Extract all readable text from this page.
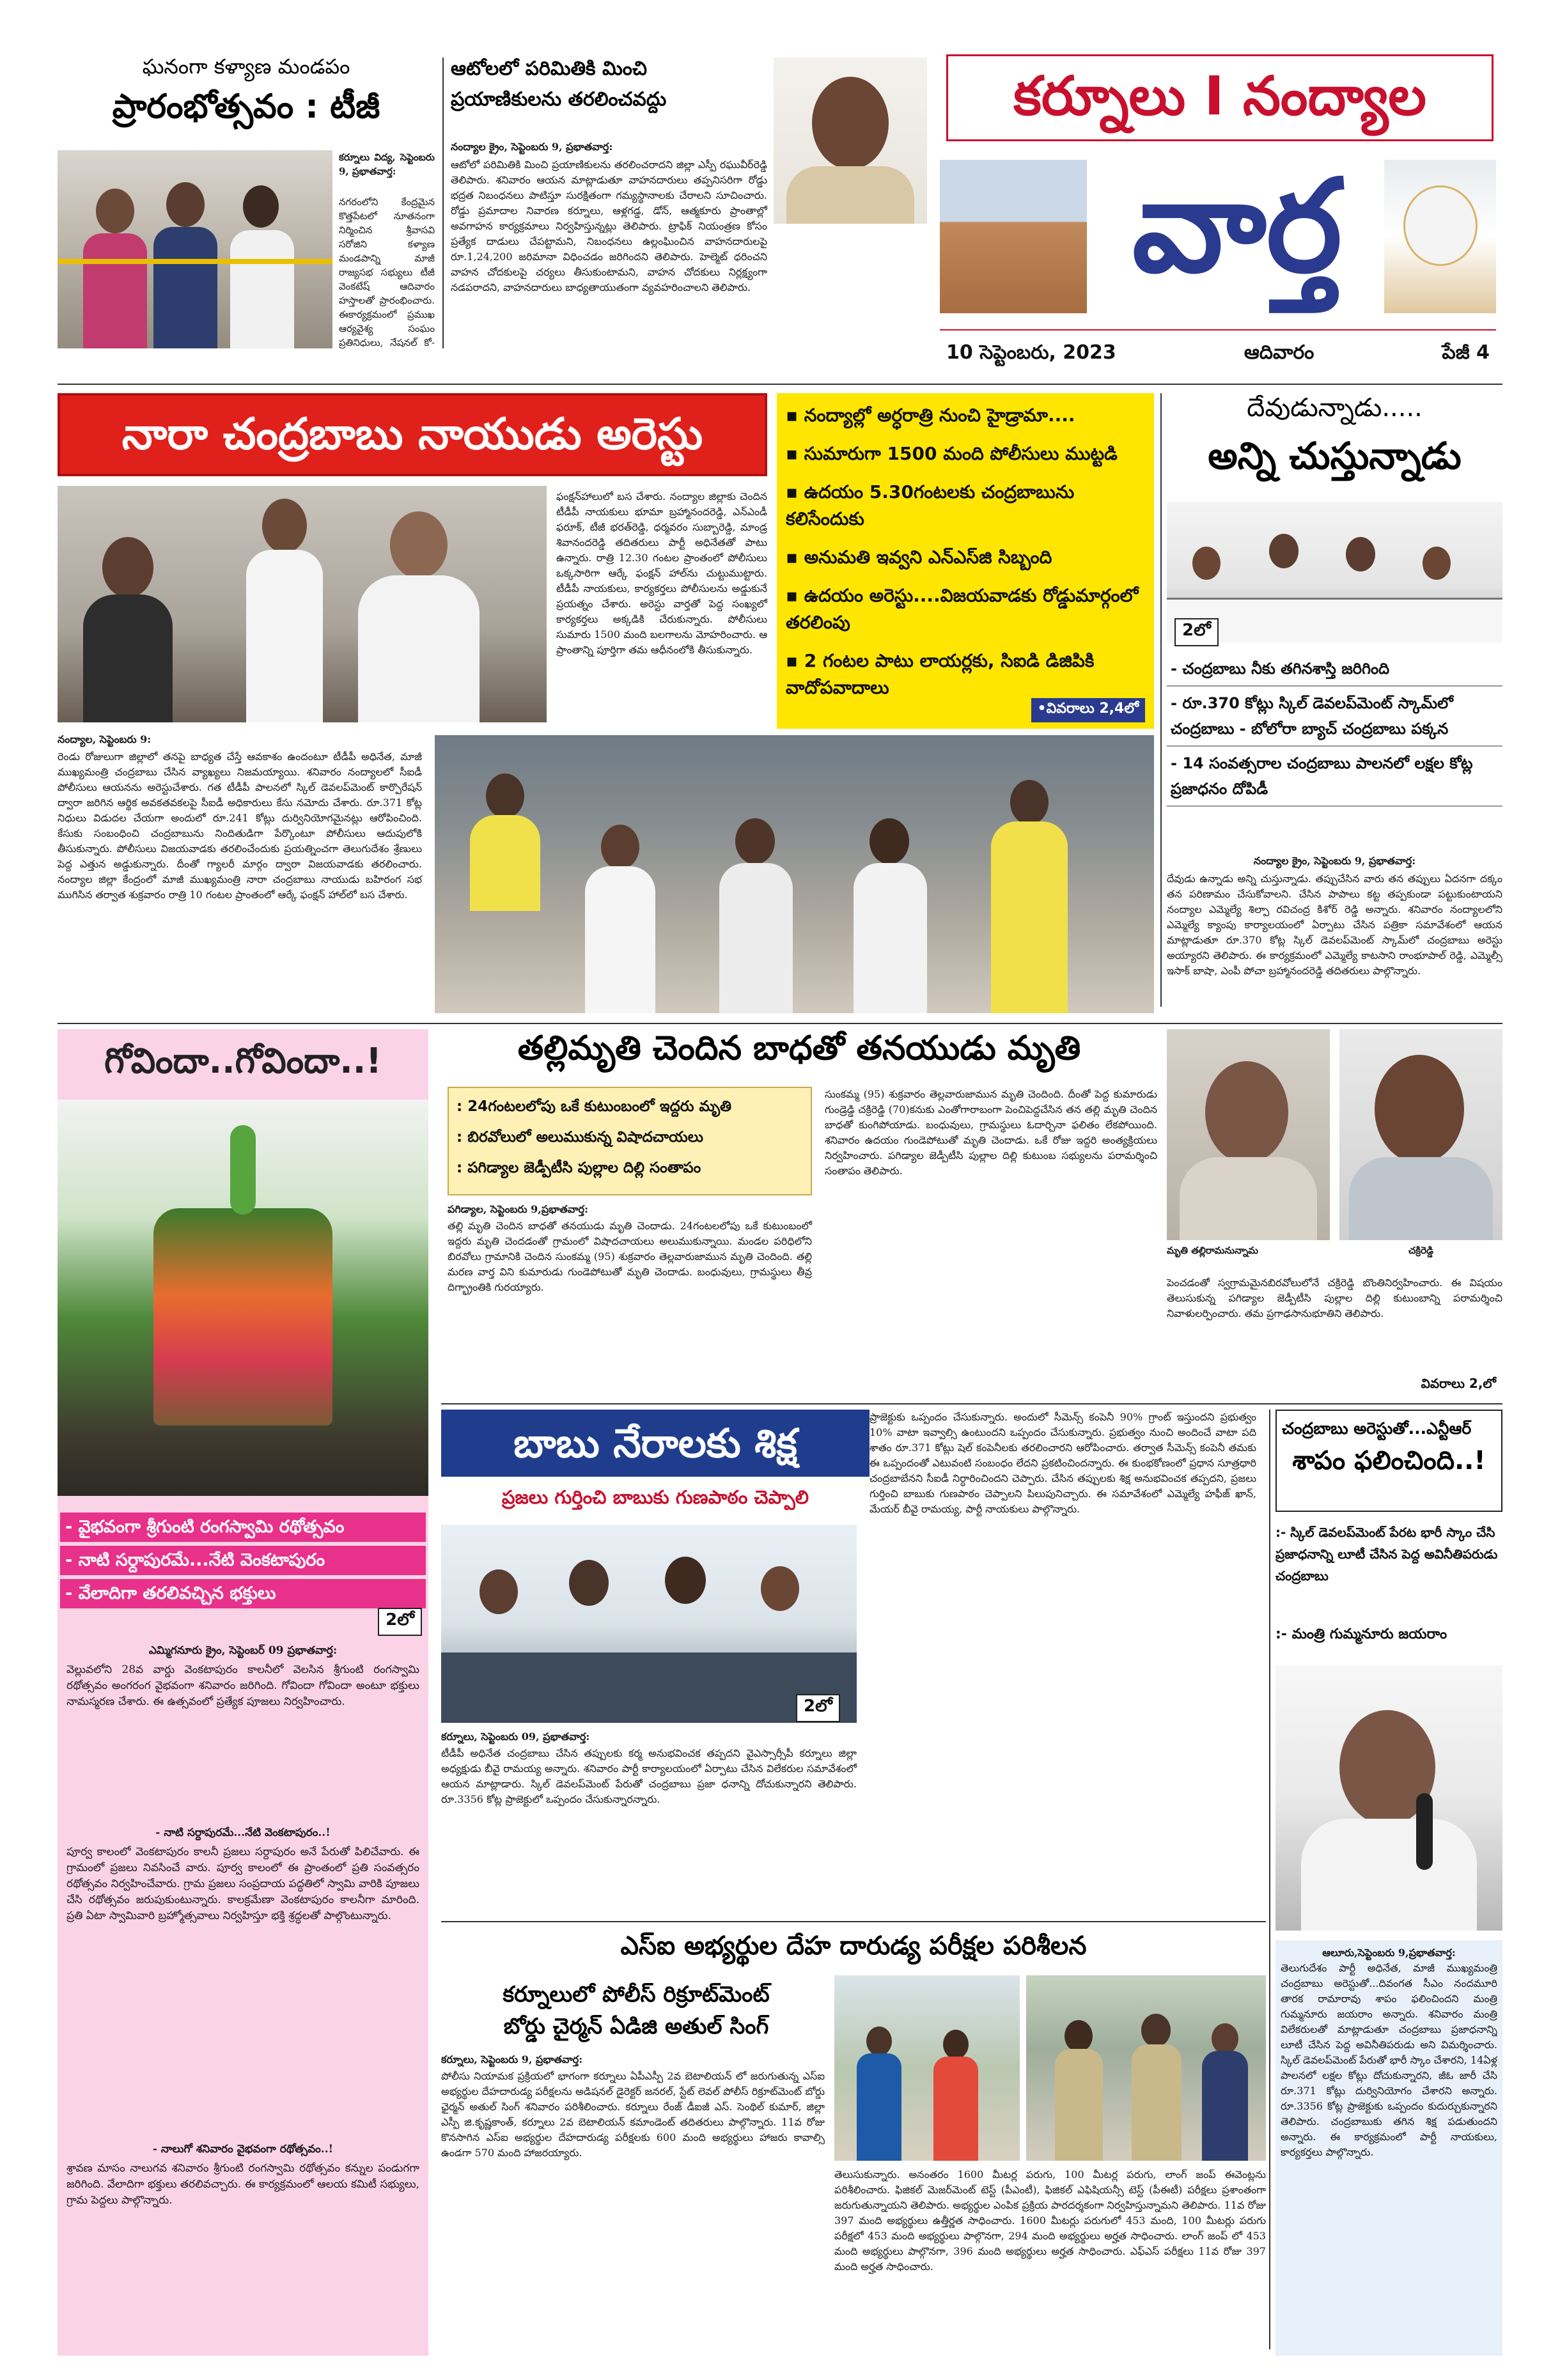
ఘనంగా కళ్యాణ మండపం

ప్రారంభోత్సవం : టీజీ

కర్నూలు విద్య, సెప్టెంబరు 9, ప్రభాతవార్త:

నగరంలోని కేంద్రమైన కొత్తపేటలో నూతనంగా నిర్మించిన శ్రీవాసవి సరోజిని కళ్యాణ మండపాన్ని మాజీ రాజ్యసభ సభ్యులు టీజీ వెంకటేష్ ఆదివారం హస్తాలతో ప్రారంభించారు. ఈకార్యక్రమంలో ప్రముఖ ఆర్యవైశ్య సంఘం ప్రతినిధులు, నేషనల్ కో-

ఆటోలలో పరిమితికి మించి

ప్రయాణికులను తరలించవద్దు

నంద్యాల క్రైం, సెప్టెంబరు 9, ప్రభాతవార్త:

ఆటోలో పరిమితికి మించి ప్రయాణికులను తరలించరాదని జిల్లా ఎస్పీ రఘువీర్‌రెడ్డి తెలిపారు. శనివారం ఆయన మాట్లాడుతూ వాహనదారులు తప్పనిసరిగా రోడ్డు భద్రత నిబంధనలు పాటిస్తూ సురక్షితంగా గమ్యస్థానాలకు చేరాలని సూచించారు. రోడ్డు ప్రమాదాల నివారణ కర్నూలు, ఆళ్లగడ్డ, డోన్, ఆత్మకూరు ప్రాంతాల్లో అవగాహన కార్యక్రమాలు నిర్వహిస్తున్నట్లు తెలిపారు. ట్రాఫిక్ నియంత్రణ కోసం ప్రత్యేక దాడులు చేపట్టామని, నిబంధనలు ఉల్లంఘించిన వాహనదారులపై రూ.1,24,200 జరిమానా విధించడం జరిగిందని తెలిపారు. హెల్మెట్ ధరించని వాహన చోదకులపై చర్యలు తీసుకుంటామని, వాహన చోదకులు నిర్లక్ష్యంగా నడపరాదని, వాహనదారులు బాధ్యతాయుతంగా వ్యవహరించాలని తెలిపారు.

కర్నూలు I నంద్యాల
వార్త
10 సెప్టెంబరు, 2023	ఆదివారం	పేజీ 4

నారా చంద్రబాబు నాయుడు అరెస్టు

ఫంక్షన్‌హాలులో బస చేశారు. నంద్యాల జిల్లాకు చెందిన టీడీపీ నాయకులు భూమా బ్రహ్మానందరెడ్డి, ఎన్‌ఎండీ ఫరూక్, టీజీ భరత్‌రెడ్డి, ధర్మవరం సుబ్బారెడ్డి, మాండ్ర శివానందరెడ్డి తదితరులు పార్టీ అధినేతతో పాటు ఉన్నారు. రాత్రి 12.30 గంటల ప్రాంతంలో పోలీసులు ఒక్కసారిగా ఆర్కే ఫంక్షన్ హాల్‌ను చుట్టుముట్టారు. టీడీపీ నాయకులు, కార్యకర్తలు పోలీసులను అడ్డుకునే ప్రయత్నం చేశారు. అరెస్టు వార్తతో పెద్ద సంఖ్యలో కార్యకర్తలు అక్కడికి చేరుకున్నారు. పోలీసులు సుమారు 1500 మంది బలగాలను మోహరించారు. ఆ ప్రాంతాన్ని పూర్తిగా తమ ఆధీనంలోకి తీసుకున్నారు.

▪ నంద్యాల్లో అర్ధరాత్రి నుంచి హైడ్రామా....
▪ సుమారుగా 1500 మంది పోలీసులు ముట్టడి
▪ ఉదయం 5.30గంటలకు చంద్రబాబును కలిసేందుకు
▪ అనుమతి ఇవ్వని ఎన్ఎస్‌జి సిబ్బంది
▪ ఉదయం అరెస్టు....విజయవాడకు రోడ్డుమార్గంలో తరలింపు
▪ 2 గంటల పాటు లాయర్లకు, సిఐడి డిజిపికి వాదోపవాదాలు
•వివరాలు 2,4లో

నంద్యాల, సెప్టెంబరు 9:

రెండు రోజులుగా జిల్లాలో తనపై బాధ్యత చేస్తే ఆవకాశం ఉందంటూ టీడీపీ అధినేత, మాజీ ముఖ్యమంత్రి చంద్రబాబు చేసిన వ్యాఖ్యలు నిజమయ్యాయి. శనివారం నంద్యాలలో సీఐడీ పోలీసులు ఆయనను అరెస్టుచేశారు. గత టీడీపీ పాలనలో స్కిల్ డెవలప్‌మెంట్ కార్పొరేషన్ ద్వారా జరిగిన ఆర్థిక అవకతవకలపై సీఐడీ అధికారులు కేసు నమోదు చేశారు. రూ.371 కోట్ల నిధులు విడుదల చేయగా అందులో రూ.241 కోట్లు దుర్వినియోగమైనట్లు ఆరోపించింది. కేసుకు సంబంధించి చంద్రబాబును నిందితుడిగా పేర్కొంటూ పోలీసులు ఆదుపులోకి తీసుకున్నారు. పోలీసులు విజయవాడకు తరలించేందుకు ప్రయత్నించగా తెలుగుదేశం శ్రేణులు పెద్ద ఎత్తున అడ్డుకున్నారు. దీంతో గ్యాలరీ మార్గం ద్వారా విజయవాడకు తరలించారు. నంద్యాల జిల్లా కేంద్రంలో మాజీ ముఖ్యమంత్రి నారా చంద్రబాబు నాయుడు బహిరంగ సభ ముగిసిన తర్వాత శుక్రవారం రాత్రి 10 గంటల ప్రాంతంలో ఆర్కే ఫంక్షన్ హాల్‌లో బస చేశారు.

దేవుడున్నాడు.....

అన్ని చుస్తున్నాడు

2లో
- చంద్రబాబు నీకు తగినశాస్తి జరిగింది
- రూ.370 కోట్లు స్కిల్ డెవలప్‌మెంట్ స్కామ్‌లో చంద్రబాబు - బోలోరా బ్యాచ్ చంద్రబాబు పక్కన
- 14 సంవత్సరాల చంద్రబాబు పాలనలో లక్షల కోట్ల ప్రజాధనం దోపిడీ

నంద్యాల క్రైం, సెప్టెంబరు 9, ప్రభాతవార్త:

దేవుడు ఉన్నాడు అన్ని చుస్తున్నాడు. తప్పుచేసిన వారు తన తప్పులు ఏదనగా దక్కం తన పరిణామం చేసుకోవాలని. చేసిన పాపాలు కట్ట తప్పకుండా పట్టుకుంటాయని నంద్యాల ఎమ్మెల్యే శిల్పా రవిచంద్ర కిశోర్ రెడ్డి అన్నారు. శనివారం నంద్యాలలోని ఎమ్మెల్యే క్యాంపు కార్యాలయంలో ఏర్పాటు చేసిన పత్రికా సమావేశంలో ఆయన మాట్లాడుతూ రూ.370 కోట్ల స్కిల్ డెవలప్‌మెంట్ స్కామ్‌లో చంద్రబాబు అరెస్టు అయ్యారని తెలిపారు. ఈ కార్యక్రమంలో ఎమ్మెల్యే కాటసాని రాంభూపాల్ రెడ్డి, ఎమ్మెల్సీ ఇసాక్ బాషా, ఎంపీ పోచా బ్రహ్మానందరెడ్డి తదితరులు పాల్గొన్నారు.

గోవిందా..గోవిందా..!

- వైభవంగా శ్రీగుంటి రంగస్వామి రథోత్సవం
- నాటి సర్దాపురమే...నేటి వెంకటాపురం
- వేలాదిగా తరలివచ్చిన భక్తులు
2లో

ఎమ్మిగనూరు క్రైం, సెప్టెంబర్ 09 ప్రభాతవార్త:

వెల్లువలోని 28వ వార్డు వెంకటాపురం కాలనీలో వెలసిన శ్రీగుంటి రంగస్వామి రథోత్సవం అంగరంగ వైభవంగా శనివారం జరిగింది. గోవిందా గోవిందా అంటూ భక్తులు నామస్మరణ చేశారు. ఈ ఉత్సవంలో ప్రత్యేక పూజలు నిర్వహించారు.

- నాటి సర్దాపురమే...నేటి వెంకటాపురం..!

పూర్వ కాలంలో వెంకటాపురం కాలనీ ప్రజలు సర్దాపురం అనే పేరుతో పిలిచేవారు. ఈ గ్రామంలో ప్రజలు నివసించే వారు. పూర్వ కాలంలో ఈ ప్రాంతంలో ప్రతి సంవత్సరం రథోత్సవం నిర్వహించేవారు. గ్రామ ప్రజలు సంప్రదాయ పద్ధతిలో స్వామి వారికి పూజలు చేసి రథోత్సవం జరుపుకుంటున్నారు. కాలక్రమేణా వెంకటాపురం కాలనీగా మారింది. ప్రతి ఏటా స్వామివారి బ్రహ్మోత్సవాలు నిర్వహిస్తూ భక్తి శ్రద్ధలతో పాల్గొంటున్నారు.

- నాలుగో శనివారం వైభవంగా రథోత్సవం..!

శ్రావణ మాసం నాలుగవ శనివారం శ్రీగుంటి రంగస్వామి రథోత్సవం కన్నుల పండుగగా జరిగింది. వేలాదిగా భక్తులు తరలివచ్చారు. ఈ కార్యక్రమంలో ఆలయ కమిటీ సభ్యులు, గ్రామ పెద్దలు పాల్గొన్నారు.

తల్లిమృతి చెందిన బాధతో తనయుడు మృతి

: 24గంటలలోపు ఒకే కుటుంబంలో ఇద్దరు మృతి

: బిరవోలులో అలుముకున్న విషాదచాయలు

: పగిడ్యాల జెడ్పీటీసి పుల్లాల దిల్లి సంతాపం

పగిడ్యాల, సెప్టెంబరు 9,ప్రభాతవార్త:

తల్లి మృతి చెందిన బాధతో తనయుడు మృతి చెందాడు. 24గంటలలోపు ఒకే కుటుంబంలో ఇద్దరు మృతి చెందడంతో గ్రామంలో విషాదచాయలు అలుముకున్నాయి. మండల పరిధిలోని బిరవోలు గ్రామానికి చెందిన సుంకమ్మ (95) శుక్రవారం తెల్లవారుజామున మృతి చెందింది. తల్లి మరణ వార్త విని కుమారుడు గుండెపోటుతో మృతి చెందాడు. బంధువులు, గ్రామస్థులు తీవ్ర దిగ్భ్రాంతికి గురయ్యారు.

సుంకమ్మ (95) శుక్రవారం తెల్లవారుజామున మృతి చెందింది. దీంతో పెద్ద కుమారుడు గుండ్రెడ్డి చక్రిరెడ్డి (70)కనుకు ఎంతోగారాబంగా పెంచిపెద్దచేసిన తన తల్లి మృతి చెందిన బాధతో కుంగిపోయాడు. బంధువులు, గ్రామస్థులు ఓదార్చినా ఫలితం లేకపోయింది. శనివారం ఉదయం గుండెపోటుతో మృతి చెందాడు. ఒకే రోజు ఇద్దరి అంత్యక్రియలు నిర్వహించారు. పగిడ్యాల జెడ్పీటీసి పుల్లాల దిల్లి కుటుంబ సభ్యులను పరామర్శించి సంతాపం తెలిపారు.

మృతి తల్లిరామనున్నామ	చక్రిరెడ్డి

పెంచడంతో స్వగ్రామమైనబిరవోలులోనే చక్రిరెడ్డి బొంతినిర్వహించారు. ఈ విషయం తెలుసుకున్న పగిడ్యాల జెడ్పీటీసి పుల్లాల దిల్లి కుటుంబాన్ని పరామర్శించి నివాళులర్పించారు. తమ ప్రగాఢసానుభూతిని తెలిపారు.

వివరాలు 2,లో

బాబు నేరాలకు శిక్ష

ప్రజలు గుర్తించి బాబుకు గుణపాఠం చెప్పాలి

2లో

కర్నూలు, సెప్టెంబరు 09, ప్రభాతవార్త:

టీడీపీ అధినేత చంద్రబాబు చేసిన తప్పులకు కర్మ అనుభవించక తప్పదని వైఎస్సార్సీపీ కర్నూలు జిల్లా అధ్యక్షుడు బీవై రామయ్య అన్నారు. శనివారం పార్టీ కార్యాలయంలో ఏర్పాటు చేసిన విలేకరుల సమావేశంలో ఆయన మాట్లాడారు. స్కిల్ డెవలప్‌మెంట్ పేరుతో చంద్రబాబు ప్రజా ధనాన్ని దోచుకున్నారని తెలిపారు. రూ.3356 కోట్ల ప్రాజెక్టులో ఒప్పందం చేసుకున్నారన్నారు.

ప్రాజెక్టుకు ఒప్పందం చేసుకున్నారు. అందులో సీమెన్స్ కంపెనీ 90% గ్రాంట్ ఇస్తుందని ప్రభుత్వం 10% వాటా ఇవ్వాల్సి ఉంటుందని ఒప్పందం చేసుకున్నారు. ప్రభుత్వం నుంచి అందించే వాటా పది శాతం రూ.371 కోట్లు షెల్ కంపెనీలకు తరలించారని ఆరోపించారు. తర్వాత సీమెన్స్ కంపెనీ తమకు ఈ ఒప్పందంతో ఎటువంటి సంబంధం లేదని ప్రకటించిందన్నారు. ఈ కుంభకోణంలో ప్రధాన సూత్రధారి చంద్రబాబేనని సీఐడీ నిర్ధారించిందని చెప్పారు. చేసిన తప్పులకు శిక్ష అనుభవించక తప్పదని, ప్రజలు గుర్తించి బాబుకు గుణపాఠం చెప్పాలని పిలుపునిచ్చారు. ఈ సమావేశంలో ఎమ్మెల్యే హఫీజ్ ఖాన్, మేయర్ బీవై రామయ్య, పార్టీ నాయకులు పాల్గొన్నారు.

చంద్రబాబు అరెస్టుతో...ఎన్టీఆర్

శాపం ఫలించింది..!

:- స్కిల్ డెవలప్‌మెంట్ పేరట భారీ స్కాం చేసి ప్రజాధనాన్ని లూటీ చేసిన పెద్ద అవినీతిపరుడు చంద్రబాబు

:- మంత్రి గుమ్మనూరు జయరాం

ఆలూరు,సెప్టెంబరు 9,ప్రభాతవార్త:

తెలుగుదేశం పార్టీ అధినేత, మాజీ ముఖ్యమంత్రి చంద్రబాబు అరెస్టుతో...దివంగత సీఎం నందమూరి తారక రామారావు శాపం ఫలించిందని మంత్రి గుమ్మనూరు జయరాం అన్నారు. శనివారం మంత్రి విలేకరులతో మాట్లాడుతూ చంద్రబాబు ప్రజాధనాన్ని లూటీ చేసిన పెద్ద అవినీతిపరుడు అని విమర్శించారు. స్కిల్ డెవలప్‌మెంట్ పేరుతో భారీ స్కాం చేశారని, 14ఏళ్ల పాలనలో లక్షల కోట్లు దోచుకున్నారని, జీఓ జారీ చేసి రూ.371 కోట్లు దుర్వినియోగం చేశారని అన్నారు. రూ.3356 కోట్ల ప్రాజెక్టుకు ఒప్పందం కుదుర్చుకున్నారని తెలిపారు. చంద్రబాబుకు తగిన శిక్ష పడుతుందని అన్నారు. ఈ కార్యక్రమంలో పార్టీ నాయకులు, కార్యకర్తలు పాల్గొన్నారు.

ఎస్ఐ అభ్యర్థుల దేహ దారుడ్య పరీక్షల పరిశీలన

కర్నూలులో పోలీస్ రిక్రూట్‌మెంట్

బోర్డు చైర్మన్ ఏడిజి అతుల్ సింగ్

కర్నూలు, సెప్టెంబరు 9, ప్రభాతవార్త:

పోలీసు నియామక ప్రక్రియలో భాగంగా కర్నూలు ఏపీఎస్పీ 2వ బెటాలియన్ లో జరుగుతున్న ఎస్ఐ అభ్యర్థుల దేహదారుడ్య పరీక్షలను అడిషనల్ డైరెక్టర్ జనరల్, స్టేట్ లెవల్ పోలీస్ రిక్రూట్‌మెంట్ బోర్డు ఛైర్మన్ అతుల్ సింగ్ శనివారం పరిశీలించారు. కర్నూలు రేంజ్ డీఐజీ ఎస్. సెంథిల్ కుమార్, జిల్లా ఎస్పీ జి.కృష్ణకాంత్, కర్నూలు 2వ బెటాలియన్ కమాండెంట్ తదితరులు పాల్గొన్నారు. 11వ రోజు కొనసాగిన ఎస్ఐ అభ్యర్థుల దేహదారుడ్య పరీక్షలకు 600 మంది అభ్యర్థులు హాజరు కావాల్సి ఉండగా 570 మంది హాజరయ్యారు.

తెలుసుకున్నారు. అనంతరం 1600 మీటర్ల పరుగు, 100 మీటర్ల పరుగు, లాంగ్ జంప్ ఈవెంట్లను పరిశీలించారు. ఫిజికల్ మెజర్‌మెంట్ టెస్ట్ (పీఎంటీ), ఫిజికల్ ఎఫిషియన్సీ టెస్ట్ (పీఈటీ) పరీక్షలు ప్రశాంతంగా జరుగుతున్నాయని తెలిపారు. అభ్యర్థుల ఎంపిక ప్రక్రియ పారదర్శకంగా నిర్వహిస్తున్నామని తెలిపారు. 11వ రోజు 397 మంది అభ్యర్థులు ఉత్తీర్ణత సాధించారు. 1600 మీటర్లు పరుగులో 453 మంది, 100 మీటర్లు పరుగు పరీక్షలో 453 మంది అభ్యర్థులు పాల్గొనగా, 294 మంది అభ్యర్థులు అర్హత సాధించారు. లాంగ్ జంప్ లో 453 మంది అభ్యర్థులు పాల్గొనగా, 396 మంది అభ్యర్థులు అర్హత సాధించారు. ఎఫ్‌ఎస్ పరీక్షలు 11వ రోజు 397 మంది అర్హత సాధించారు.
